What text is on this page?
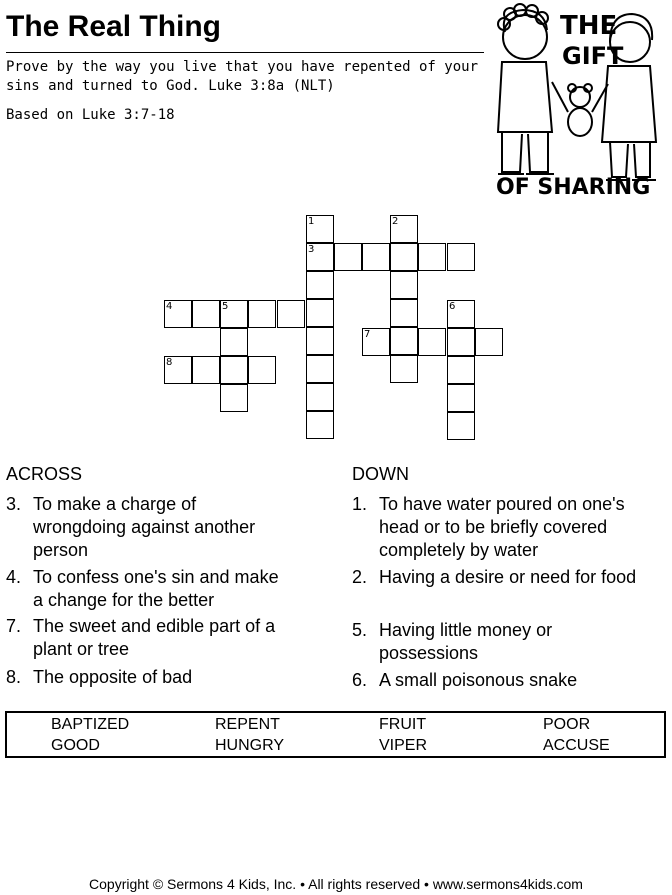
The Real Thing
Prove by the way you live that you have repented of your sins and turned to God. Luke 3:8a (NLT)
Based on Luke 3:7-18
THE
GIFT
OF SHARING
1
3
2
4	5
8
7
6
ACROSS	DOWN
3. To make a charge of
wrongdoing against another
person
4. To confess one's sin and make
a change for the better
7. The sweet and edible part of a
plant or tree
8. The opposite of bad
1. To have water poured on one's
head or to be briefly covered
completely by water
2. Having a desire or need for food
5. Having little money or
possessions
6. A small poisonous snake
BAPTIZED	REPENT	FRUIT	POOR
GOOD	HUNGRY	VIPER	ACCUSE
Copyright © Sermons 4 Kids, Inc. • All rights reserved • www.sermons4kids.com
